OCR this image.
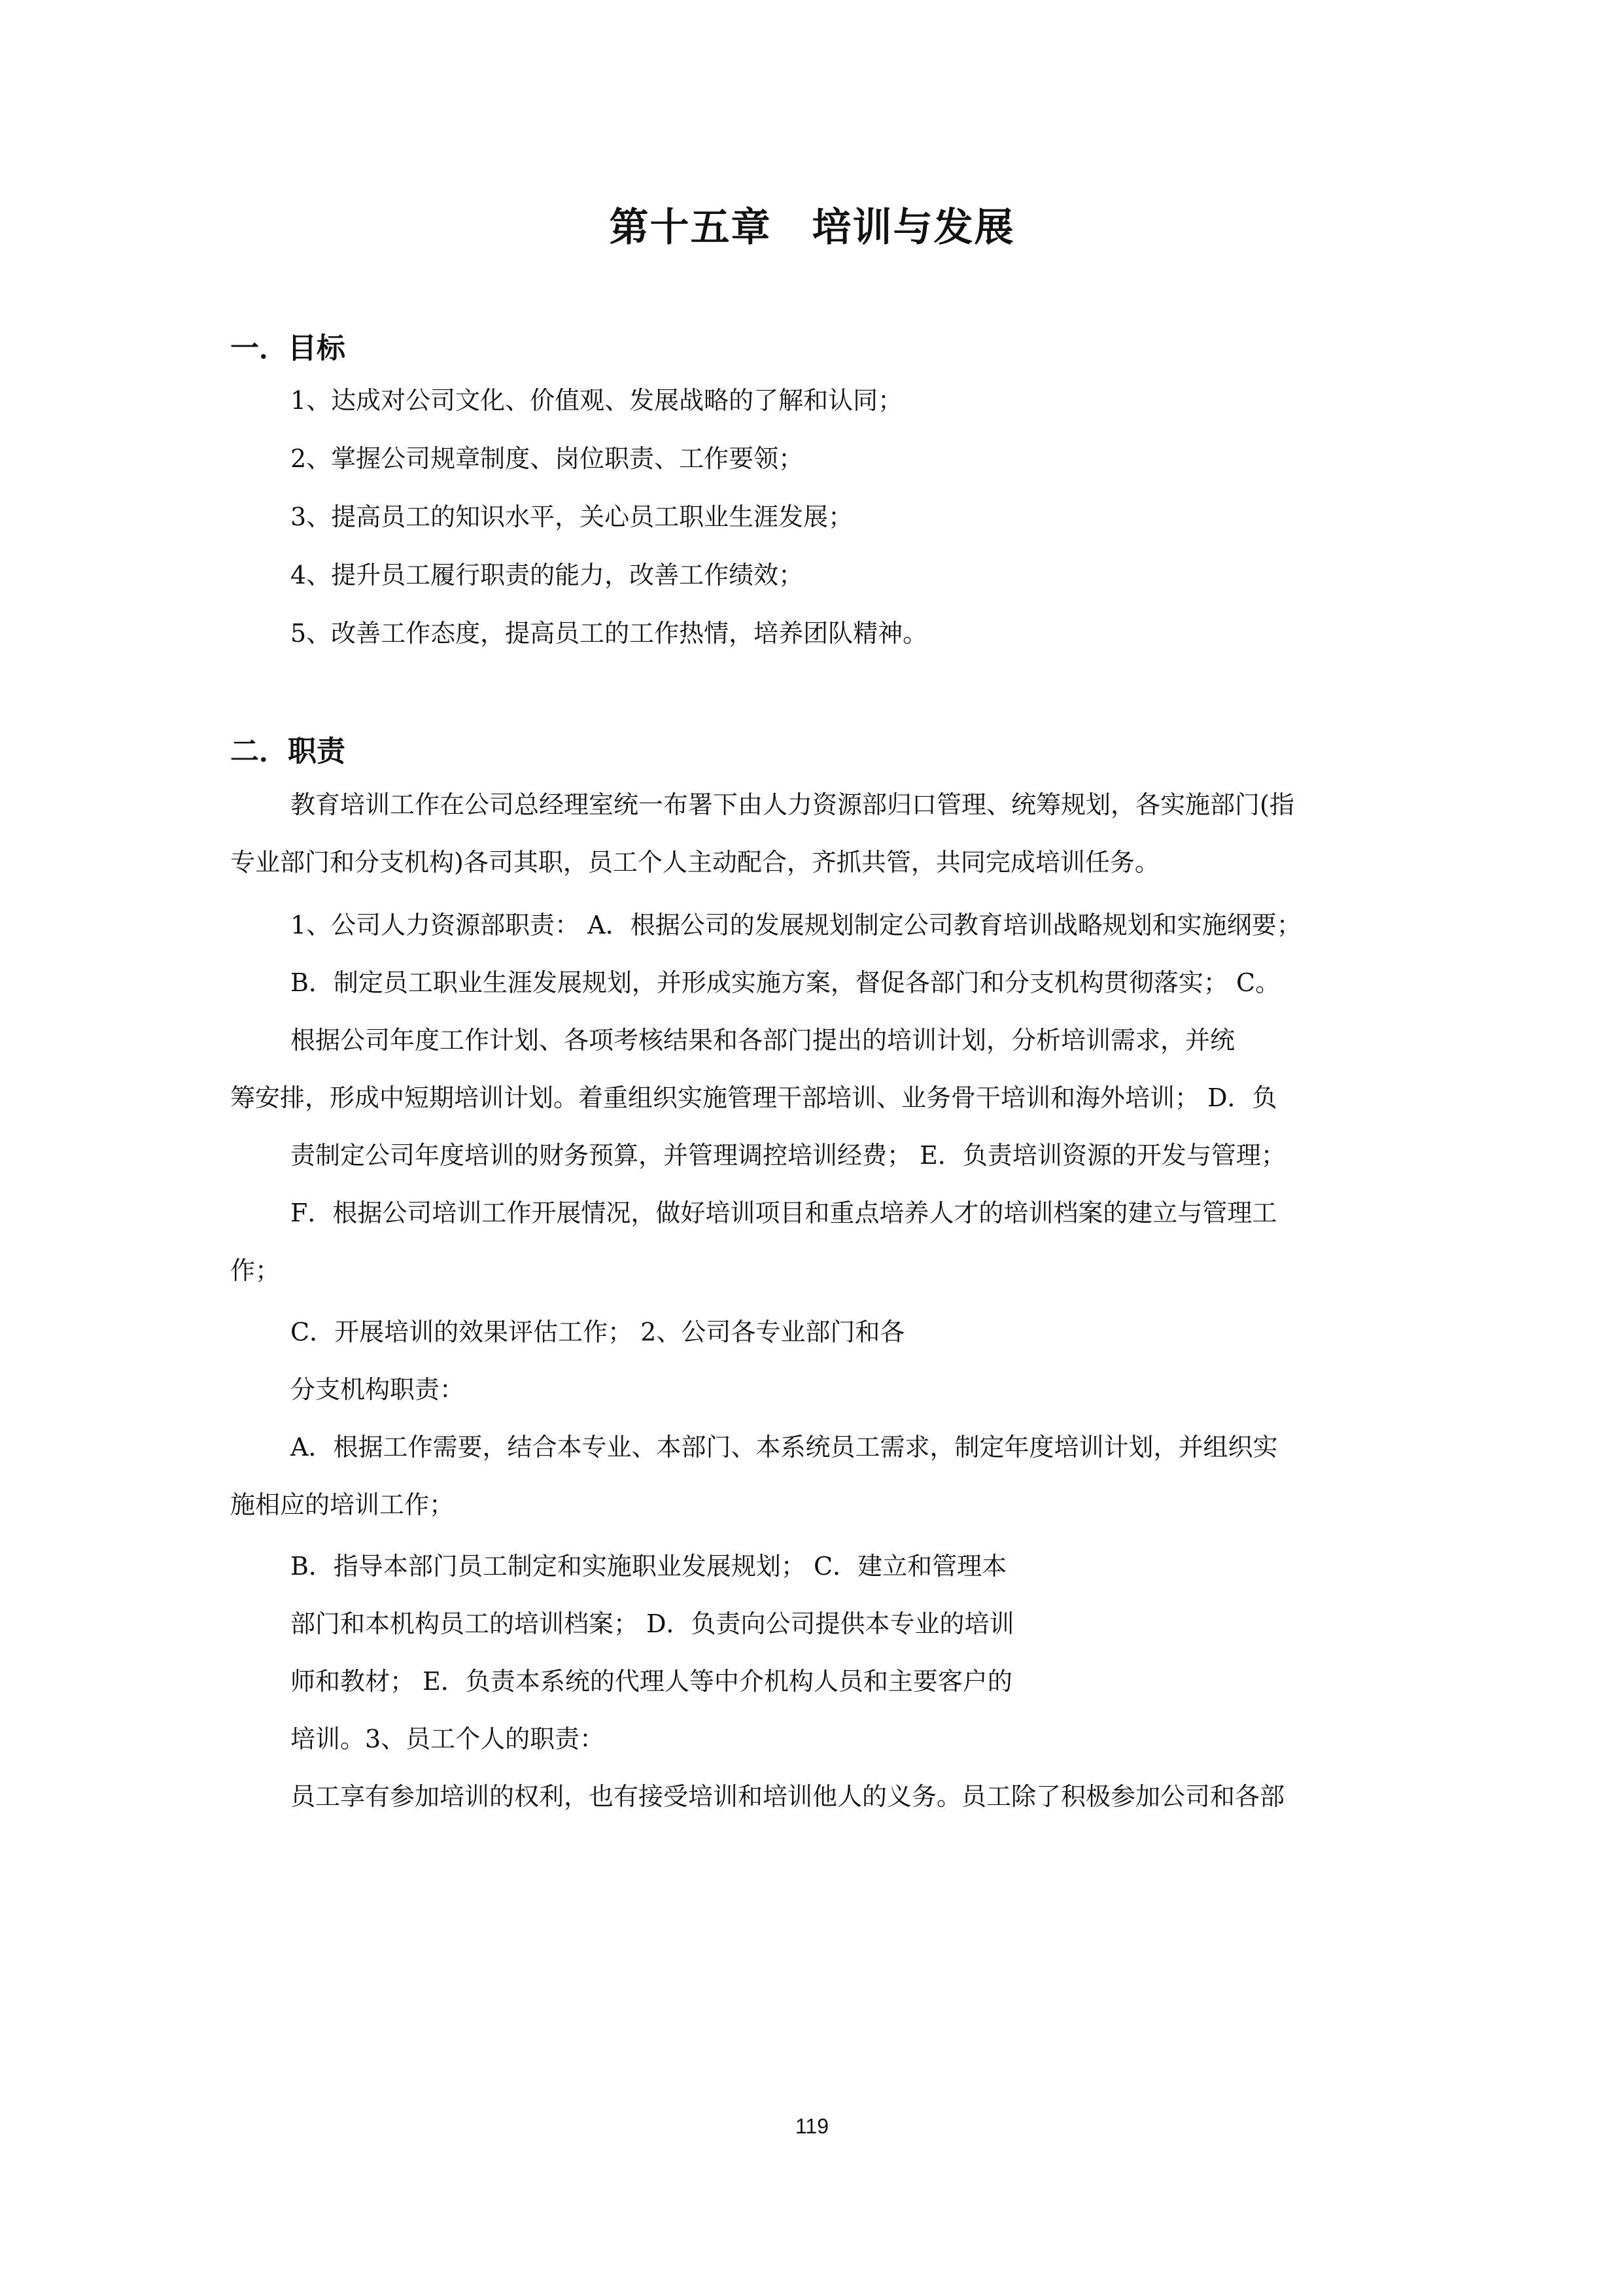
第十五章　培训与发展
一．目标
1、达成对公司文化、价值观、发展战略的了解和认同；
2、掌握公司规章制度、岗位职责、工作要领；
3、提高员工的知识水平，关心员工职业生涯发展；
4、提升员工履行职责的能力，改善工作绩效；
5、改善工作态度，提高员工的工作热情，培养团队精神。
二．职责
教育培训工作在公司总经理室统一布署下由人力资源部归口管理、统筹规划，各实施部门(指
专业部门和分支机构)各司其职，员工个人主动配合，齐抓共管，共同完成培训任务。
1、公司人力资源部职责： A．根据公司的发展规划制定公司教育培训战略规划和实施纲要；
B．制定员工职业生涯发展规划，并形成实施方案，督促各部门和分支机构贯彻落实； C。
根据公司年度工作计划、各项考核结果和各部门提出的培训计划，分析培训需求，并统
筹安排，形成中短期培训计划。着重组织实施管理干部培训、业务骨干培训和海外培训； D．负
责制定公司年度培训的财务预算，并管理调控培训经费； E．负责培训资源的开发与管理；
F．根据公司培训工作开展情况，做好培训项目和重点培养人才的培训档案的建立与管理工
作；
C．开展培训的效果评估工作； 2、公司各专业部门和各
分支机构职责：
A．根据工作需要，结合本专业、本部门、本系统员工需求，制定年度培训计划，并组织实
施相应的培训工作；
B．指导本部门员工制定和实施职业发展规划； C．建立和管理本
部门和本机构员工的培训档案； D．负责向公司提供本专业的培训
师和教材； E．负责本系统的代理人等中介机构人员和主要客户的
培训。3、员工个人的职责：
员工享有参加培训的权利，也有接受培训和培训他人的义务。员工除了积极参加公司和各部
119
